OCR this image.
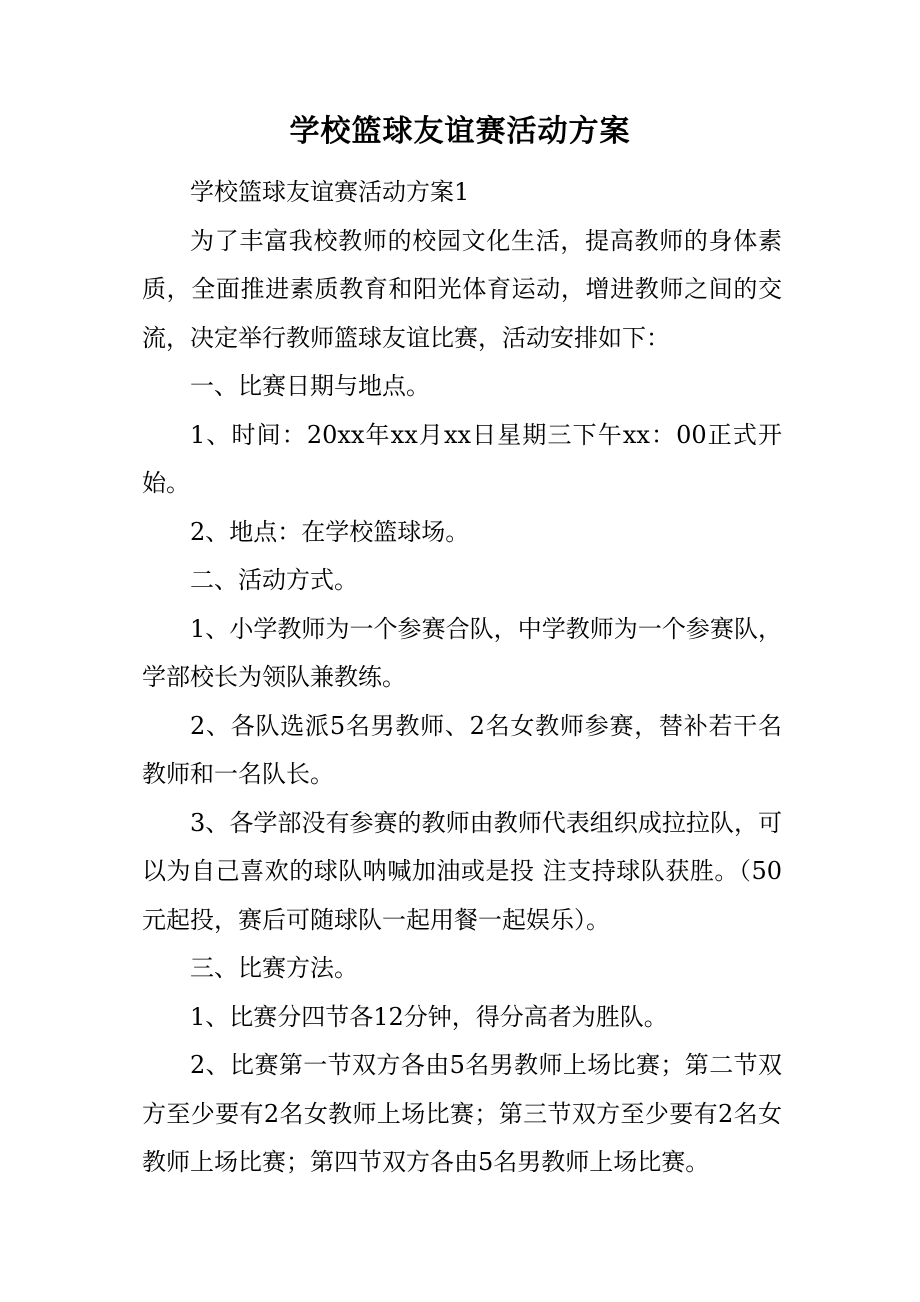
学校篮球友谊赛活动方案

学校篮球友谊赛活动方案1

为了丰富我校教师的校园文化生活，提高教师的身体素质，全面推进素质教育和阳光体育运动，增进教师之间的交流，决定举行教师篮球友谊比赛，活动安排如下：

一、比赛日期与地点。

1、时间：20xx年xx月xx日星期三下午xx：00正式开始。

2、地点：在学校篮球场。

二、活动方式。

1、小学教师为一个参赛合队，中学教师为一个参赛队，学部校长为领队兼教练。

2、各队选派5名男教师、2名女教师参赛，替补若干名教师和一名队长。

3、各学部没有参赛的教师由教师代表组织成拉拉队，可以为自己喜欢的球队呐喊加油或是投 注支持球队获胜。（50元起投，赛后可随球队一起用餐一起娱乐）。

三、比赛方法。

1、比赛分四节各12分钟，得分高者为胜队。

2、比赛第一节双方各由5名男教师上场比赛；第二节双方至少要有2名女教师上场比赛；第三节双方至少要有2名女教师上场比赛；第四节双方各由5名男教师上场比赛。
